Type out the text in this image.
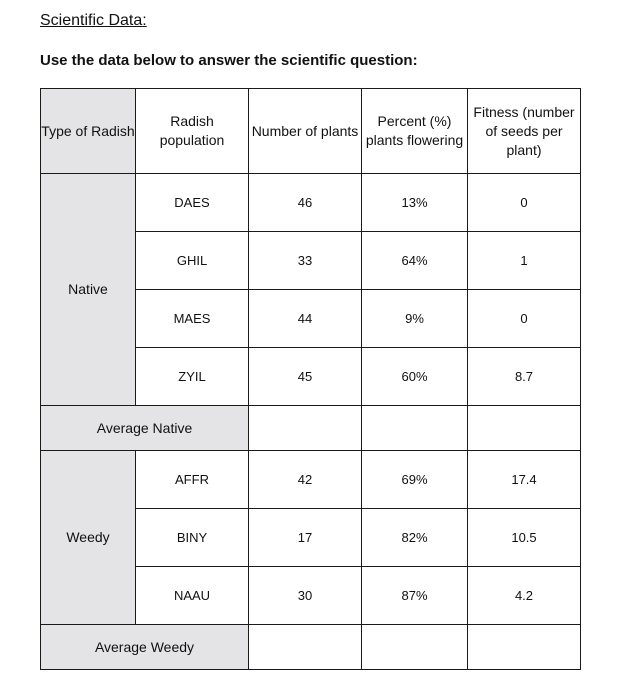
Scientific Data:
Use the data below to answer the scientific question:
Type of Radish	Radish population	Number of plants	Percent (%) plants flowering	Fitness (number of seeds per plant)
Native	DAES	46	13%	0
	GHIL	33	64%	1
	MAES	44	9%	0
	ZYIL	45	60%	8.7
Average Native				
Weedy	AFFR	42	69%	17.4
	BINY	17	82%	10.5
	NAAU	30	87%	4.2
Average Weedy				
